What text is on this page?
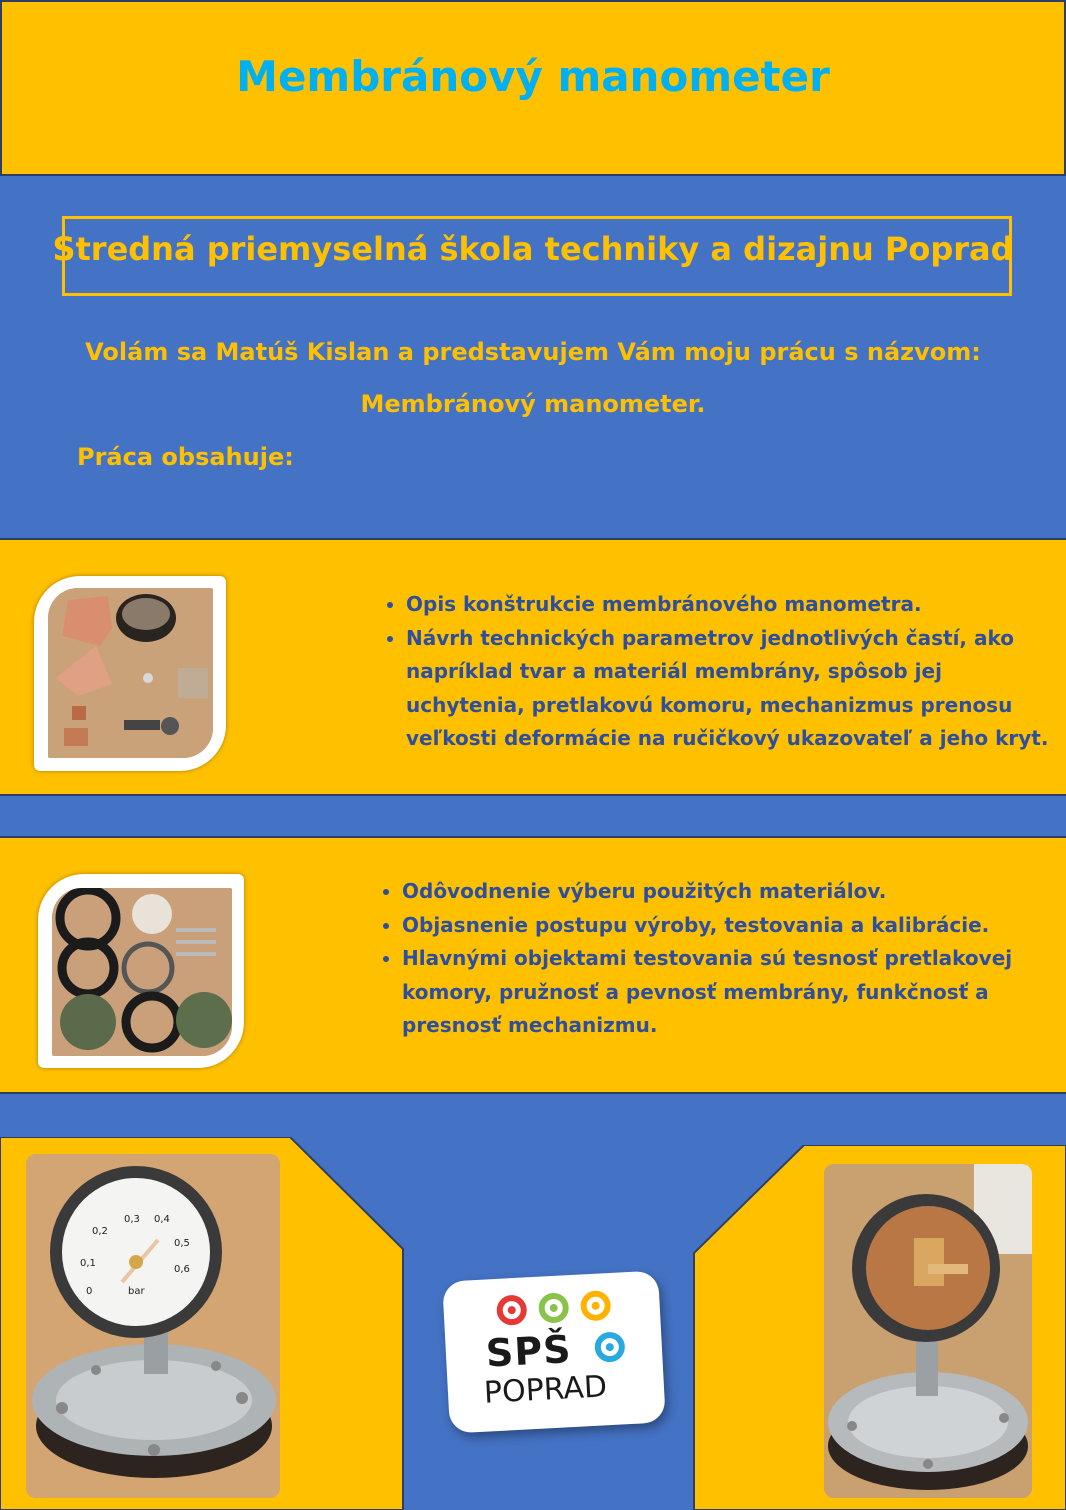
Membránový manometer
Stredná priemyselná škola techniky a dizajnu Poprad
Volám sa Matúš Kislan a predstavujem Vám moju prácu s názvom:
Membránový manometer.
Práca obsahuje:
• Opis konštrukcie membránového manometra.
• Návrh technických parametrov jednotlivých častí, ako napríklad tvar a materiál membrány, spôsob jej uchytenia, pretlakovú komoru, mechanizmus prenosu veľkosti deformácie na ručičkový ukazovateľ a jeho kryt.
• Odôvodnenie výberu použitých materiálov.
• Objasnenie postupu výroby, testovania a kalibrácie.
• Hlavnými objektami testovania sú tesnosť pretlakovej komory, pružnosť a pevnosť membrány, funkčnosť a presnosť mechanizmu.
0
0,1
0,2
0,3 0,4
0,5
0,6
bar
SPŠ
POPRAD
